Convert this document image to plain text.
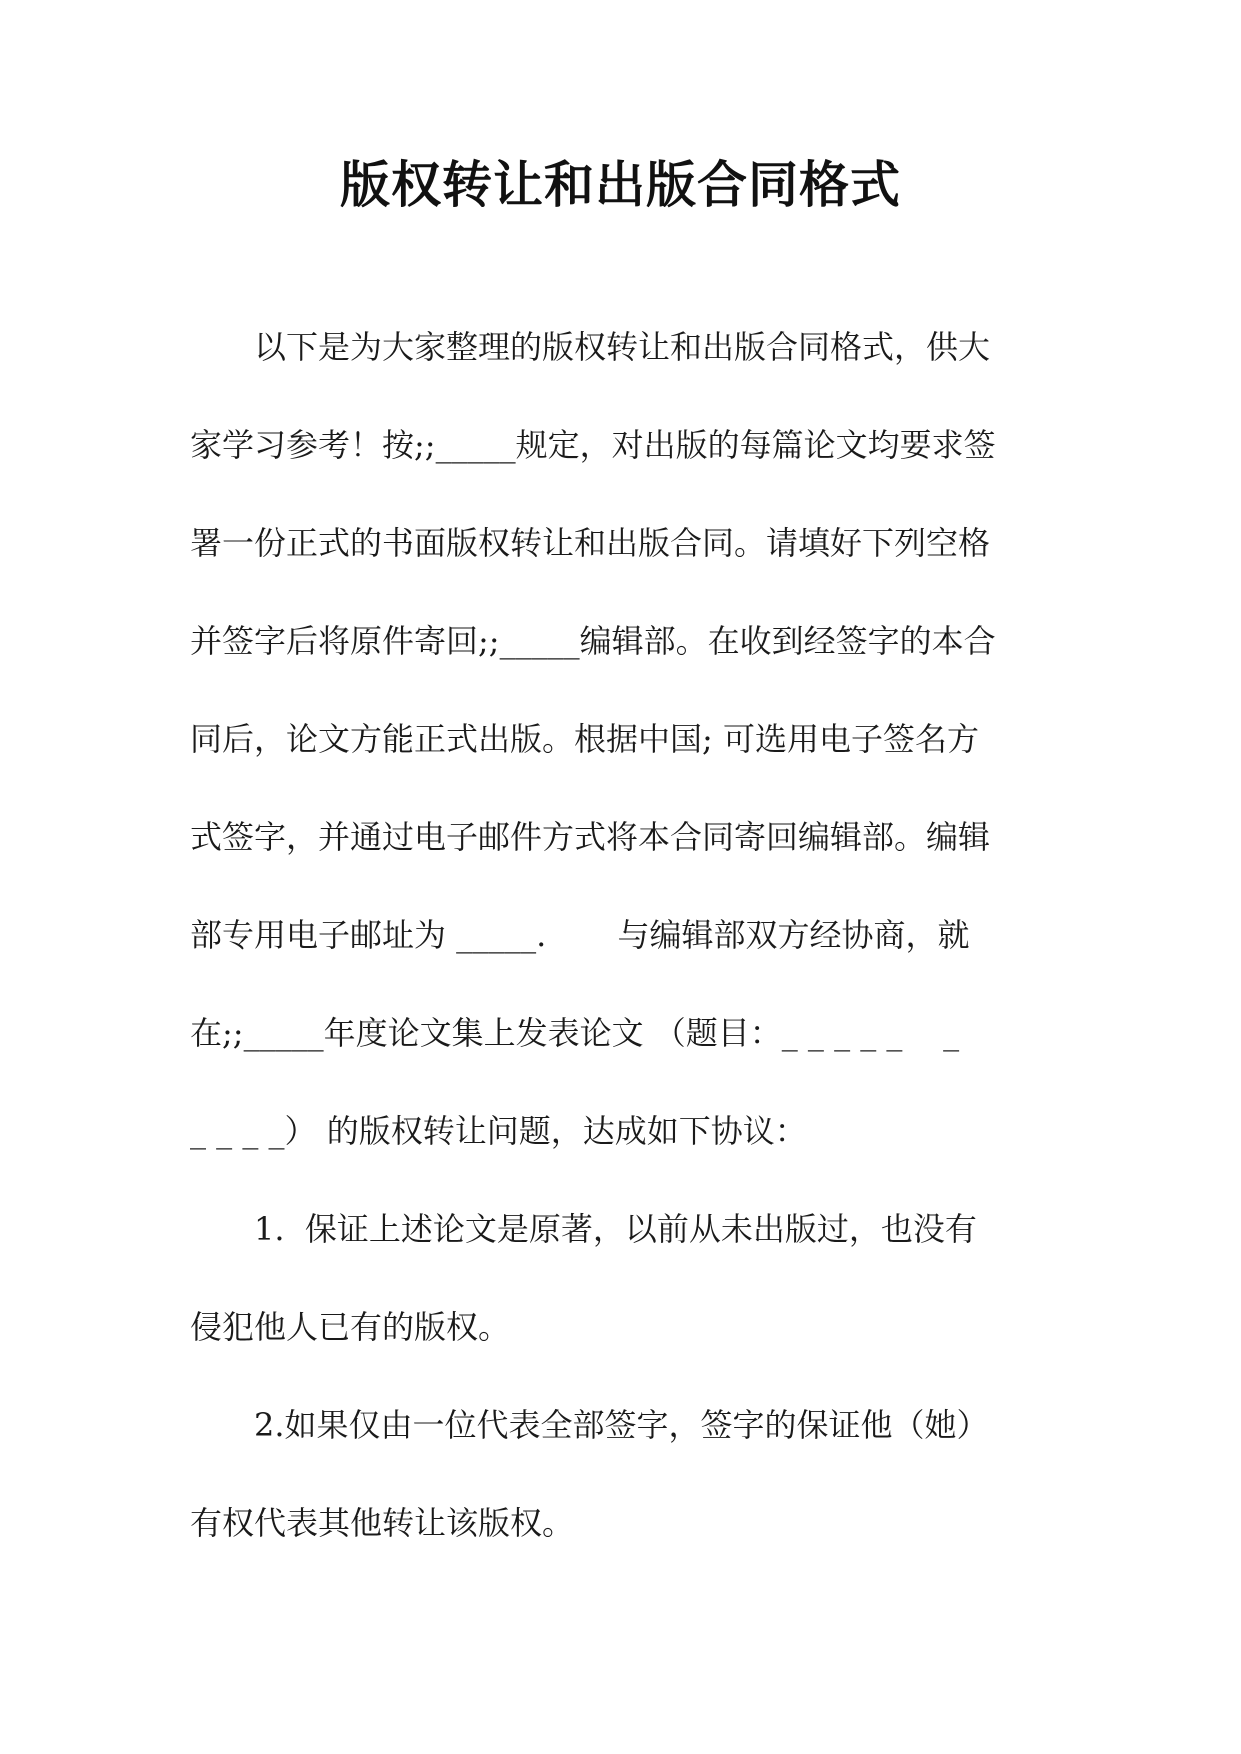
版权转让和出版合同格式
　　以下是为大家整理的版权转让和出版合同格式，供大
家学习参考！按;;_____规定，对出版的每篇论文均要求签
署一份正式的书面版权转让和出版合同。请填好下列空格
并签字后将原件寄回;;_____编辑部。在收到经签字的本合
同后，论文方能正式出版。根据中国; 可选用电子签名方
式签字，并通过电子邮件方式将本合同寄回编辑部。编辑
部专用电子邮址为 _____.       与编辑部双方经协商，就
在;;_____年度论文集上发表论文 （题目：_ _ _ _ _    _
_ _ _ _） 的版权转让问题，达成如下协议：
　　1.  保证上述论文是原著，以前从未出版过，也没有
侵犯他人已有的版权。
　　2.如果仅由一位代表全部签字，签字的保证他（她）
有权代表其他转让该版权。
